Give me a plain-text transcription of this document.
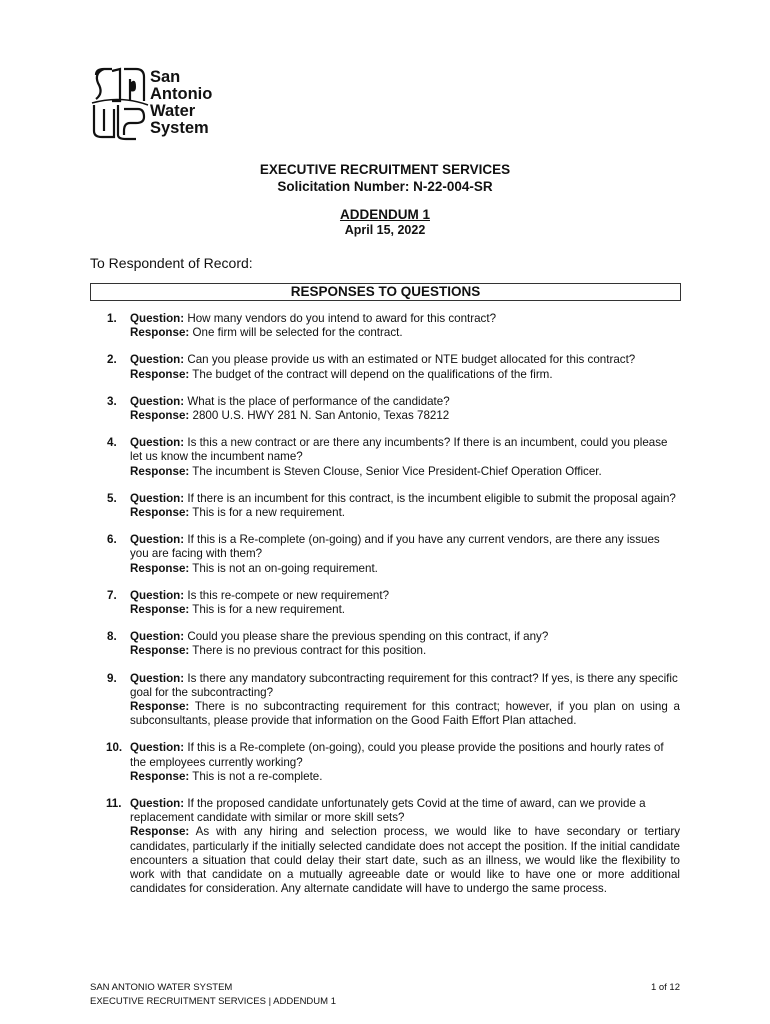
San
Antonio
Water
System
EXECUTIVE RECRUITMENT SERVICES
Solicitation Number: N-22-004-SR
ADDENDUM 1
April 15, 2022
To Respondent of Record:
RESPONSES TO QUESTIONS
1. Question: How many vendors do you intend to award for this contract?

Response: One firm will be selected for the contract.

2. Question: Can you please provide us with an estimated or NTE budget allocated for this contract?

Response: The budget of the contract will depend on the qualifications of the firm.

3. Question: What is the place of performance of the candidate?

Response: 2800 U.S. HWY 281 N. San Antonio, Texas 78212

4. Question: Is this a new contract or are there any incumbents? If there is an incumbent, could you please let us know the incumbent name?

Response: The incumbent is Steven Clouse, Senior Vice President-Chief Operation Officer.

5. Question: If there is an incumbent for this contract, is the incumbent eligible to submit the proposal again?

Response: This is for a new requirement.

6. Question: If this is a Re-complete (on-going) and if you have any current vendors, are there any issues you are facing with them?

Response: This is not an on-going requirement.

7. Question: Is this re-compete or new requirement?

Response: This is for a new requirement.

8. Question: Could you please share the previous spending on this contract, if any?

Response: There is no previous contract for this position.

9. Question: Is there any mandatory subcontracting requirement for this contract? If yes, is there any specific goal for the subcontracting?

Response: There is no subcontracting requirement for this contract; however, if you plan on using a subconsultants, please provide that information on the Good Faith Effort Plan attached.

10. Question: If this is a Re-complete (on-going), could you please provide the positions and hourly rates of the employees currently working?

Response: This is not a re-complete.

11. Question: If the proposed candidate unfortunately gets Covid at the time of award, can we provide a replacement candidate with similar or more skill sets?

Response: As with any hiring and selection process, we would like to have secondary or tertiary candidates, particularly if the initially selected candidate does not accept the position. If the initial candidate encounters a situation that could delay their start date, such as an illness, we would like the flexibility to work with that candidate on a mutually agreeable date or would like to have one or more additional candidates for consideration. Any alternate candidate will have to undergo the same process.

SAN ANTONIO WATER SYSTEM
EXECUTIVE RECRUITMENT SERVICES | ADDENDUM 1
1 of 12
